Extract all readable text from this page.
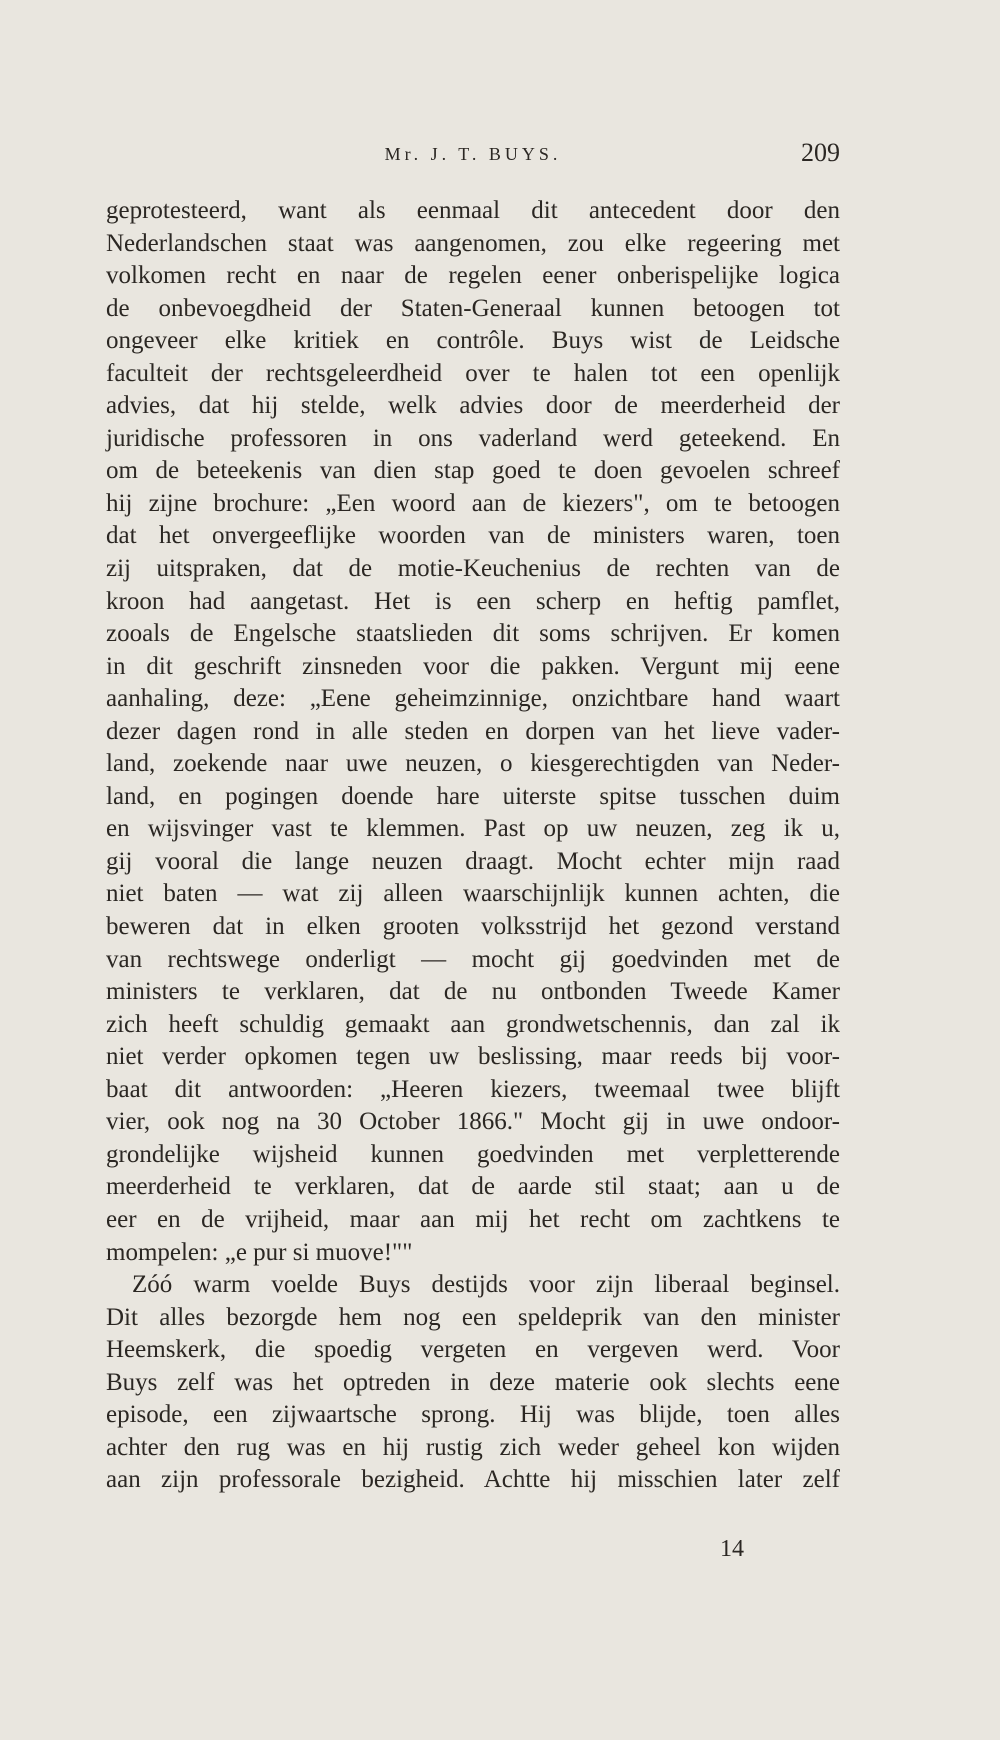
Mr. J. T. BUYS.	209
geprotesteerd, want als eenmaal dit antecedent door den
Nederlandschen staat was aangenomen, zou elke regeering met
volkomen recht en naar de regelen eener onberispelijke logica
de onbevoegdheid der Staten-Generaal kunnen betoogen tot
ongeveer elke kritiek en contrôle. Buys wist de Leidsche
faculteit der rechtsgeleerdheid over te halen tot een openlijk
advies, dat hij stelde, welk advies door de meerderheid der
juridische professoren in ons vaderland werd geteekend. En
om de beteekenis van dien stap goed te doen gevoelen schreef
hij zijne brochure: „Een woord aan de kiezers", om te betoogen
dat het onvergeeflijke woorden van de ministers waren, toen
zij uitspraken, dat de motie-Keuchenius de rechten van de
kroon had aangetast. Het is een scherp en heftig pamflet,
zooals de Engelsche staatslieden dit soms schrijven. Er komen
in dit geschrift zinsneden voor die pakken. Vergunt mij eene
aanhaling, deze: „Eene geheimzinnige, onzichtbare hand waart
dezer dagen rond in alle steden en dorpen van het lieve vader-
land, zoekende naar uwe neuzen, o kiesgerechtigden van Neder-
land, en pogingen doende hare uiterste spitse tusschen duim
en wijsvinger vast te klemmen. Past op uw neuzen, zeg ik u,
gij vooral die lange neuzen draagt. Mocht echter mijn raad
niet baten — wat zij alleen waarschijnlijk kunnen achten, die
beweren dat in elken grooten volksstrijd het gezond verstand
van rechtswege onderligt — mocht gij goedvinden met de
ministers te verklaren, dat de nu ontbonden Tweede Kamer
zich heeft schuldig gemaakt aan grondwetschennis, dan zal ik
niet verder opkomen tegen uw beslissing, maar reeds bij voor-
baat dit antwoorden: „Heeren kiezers, tweemaal twee blijft
vier, ook nog na 30 October 1866." Mocht gij in uwe ondoor-
grondelijke wijsheid kunnen goedvinden met verpletterende
meerderheid te verklaren, dat de aarde stil staat; aan u de
eer en de vrijheid, maar aan mij het recht om zachtkens te
mompelen: „e pur si muove!""
Zóó warm voelde Buys destijds voor zijn liberaal beginsel.
Dit alles bezorgde hem nog een speldeprik van den minister
Heemskerk, die spoedig vergeten en vergeven werd. Voor
Buys zelf was het optreden in deze materie ook slechts eene
episode, een zijwaartsche sprong. Hij was blijde, toen alles
achter den rug was en hij rustig zich weder geheel kon wijden
aan zijn professorale bezigheid. Achtte hij misschien later zelf
14
